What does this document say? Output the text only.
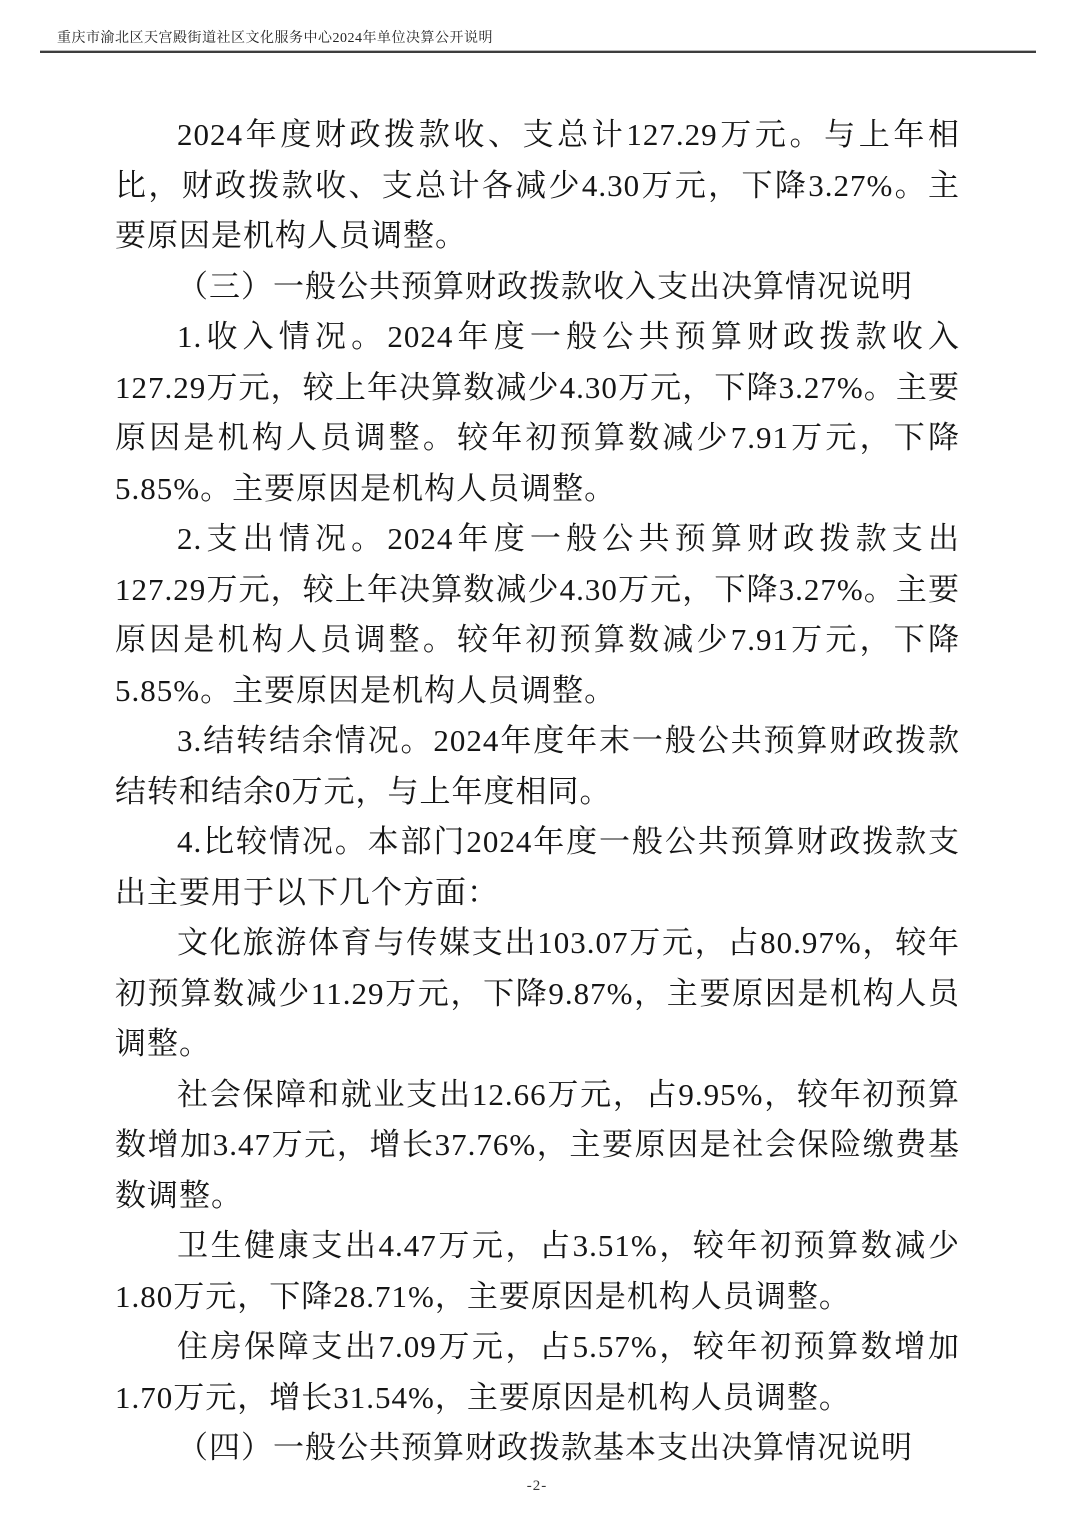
重庆市渝北区天宫殿街道社区文化服务中心2024年单位决算公开说明

2024年度财政拨款收、支总计127.29万元。与上年相比，财政拨款收、支总计各减少4.30万元，下降3.27%。主要原因是机构人员调整。

（三）一般公共预算财政拨款收入支出决算情况说明

1.收入情况。2024年度一般公共预算财政拨款收入127.29万元，较上年决算数减少4.30万元，下降3.27%。主要原因是机构人员调整。较年初预算数减少7.91万元，下降5.85%。主要原因是机构人员调整。

2.支出情况。2024年度一般公共预算财政拨款支出127.29万元，较上年决算数减少4.30万元，下降3.27%。主要原因是机构人员调整。较年初预算数减少7.91万元，下降5.85%。主要原因是机构人员调整。

3.结转结余情况。2024年度年末一般公共预算财政拨款结转和结余0万元，与上年度相同。

4.比较情况。本部门2024年度一般公共预算财政拨款支出主要用于以下几个方面：

文化旅游体育与传媒支出103.07万元，占80.97%，较年初预算数减少11.29万元，下降9.87%，主要原因是机构人员调整。

社会保障和就业支出12.66万元，占9.95%，较年初预算数增加3.47万元，增长37.76%，主要原因是社会保险缴费基数调整。

卫生健康支出4.47万元，占3.51%，较年初预算数减少1.80万元，下降28.71%，主要原因是机构人员调整。

住房保障支出7.09万元，占5.57%，较年初预算数增加1.70万元，增长31.54%，主要原因是机构人员调整。

（四）一般公共预算财政拨款基本支出决算情况说明
-2-
